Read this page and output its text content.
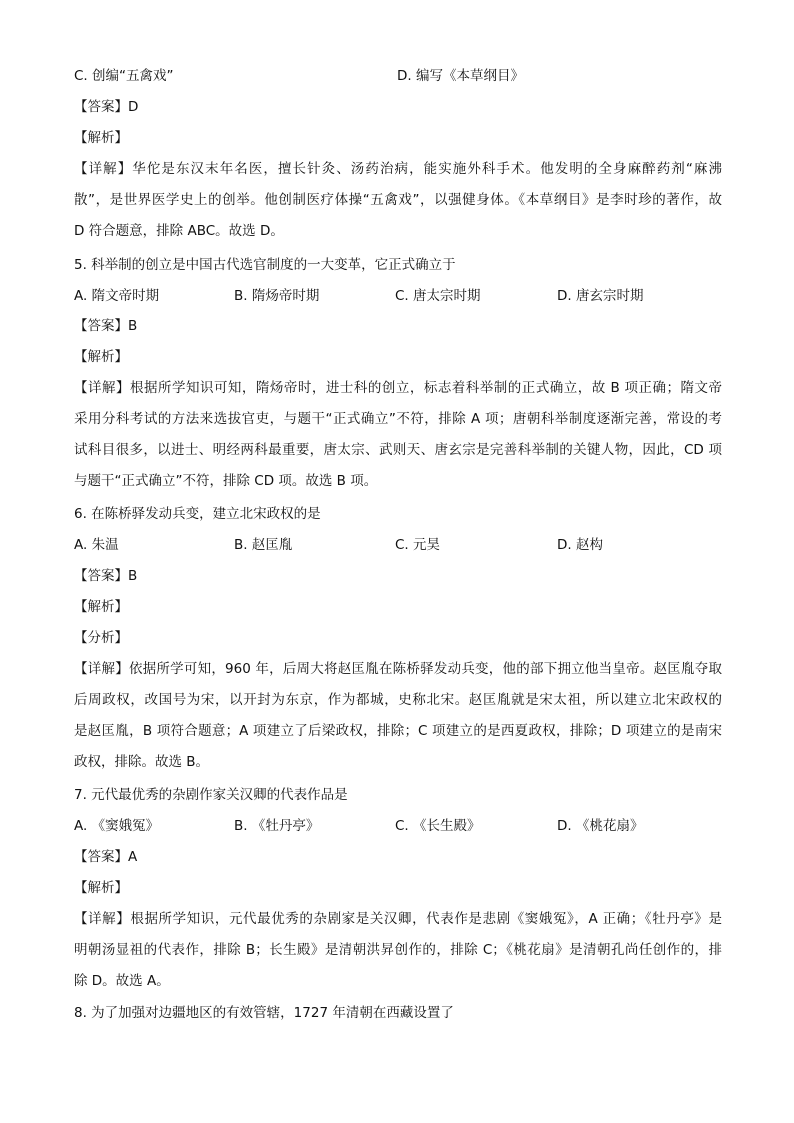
C. 创编“五禽戏”	D. 编写《本草纲目》
【答案】D
【解析】
【详解】华佗是东汉末年名医，擅长针灸、汤药治病，能实施外科手术。他发明的全身麻醉药剂“麻沸
散”，是世界医学史上的创举。他创制医疗体操“五禽戏”，以强健身体。《本草纲目》是李时珍的著作，故
D 符合题意，排除 ABC。故选 D。
5. 科举制的创立是中国古代选官制度的一大变革，它正式确立于
A. 隋文帝时期	B. 隋炀帝时期	C. 唐太宗时期	D. 唐玄宗时期
【答案】B
【解析】
【详解】根据所学知识可知，隋炀帝时，进士科的创立，标志着科举制的正式确立，故 B 项正确；隋文帝
采用分科考试的方法来选拔官吏，与题干“正式确立”不符，排除 A 项；唐朝科举制度逐渐完善，常设的考
试科目很多，以进士、明经两科最重要，唐太宗、武则天、唐玄宗是完善科举制的关键人物，因此，CD 项
与题干“正式确立”不符，排除 CD 项。故选 B 项。
6. 在陈桥驿发动兵变，建立北宋政权的是
A. 朱温	B. 赵匡胤	C. 元昊	D. 赵构
【答案】B
【解析】
【分析】
【详解】依据所学可知，960 年，后周大将赵匡胤在陈桥驿发动兵变，他的部下拥立他当皇帝。赵匡胤夺取
后周政权，改国号为宋，以开封为东京，作为都城，史称北宋。赵匡胤就是宋太祖，所以建立北宋政权的
是赵匡胤，B 项符合题意；A 项建立了后梁政权，排除；C 项建立的是西夏政权，排除；D 项建立的是南宋
政权，排除。故选 B。
7. 元代最优秀的杂剧作家关汉卿的代表作品是
A. 《窦娥冤》	B. 《牡丹亭》	C. 《长生殿》	D. 《桃花扇》
【答案】A
【解析】
【详解】根据所学知识，元代最优秀的杂剧家是关汉卿，代表作是悲剧《窦娥冤》，A 正确；《牡丹亭》是
明朝汤显祖的代表作，排除 B；长生殿》是清朝洪昇创作的，排除 C；《桃花扇》是清朝孔尚任创作的，排
除 D。故选 A。
8. 为了加强对边疆地区的有效管辖，1727 年清朝在西藏设置了
